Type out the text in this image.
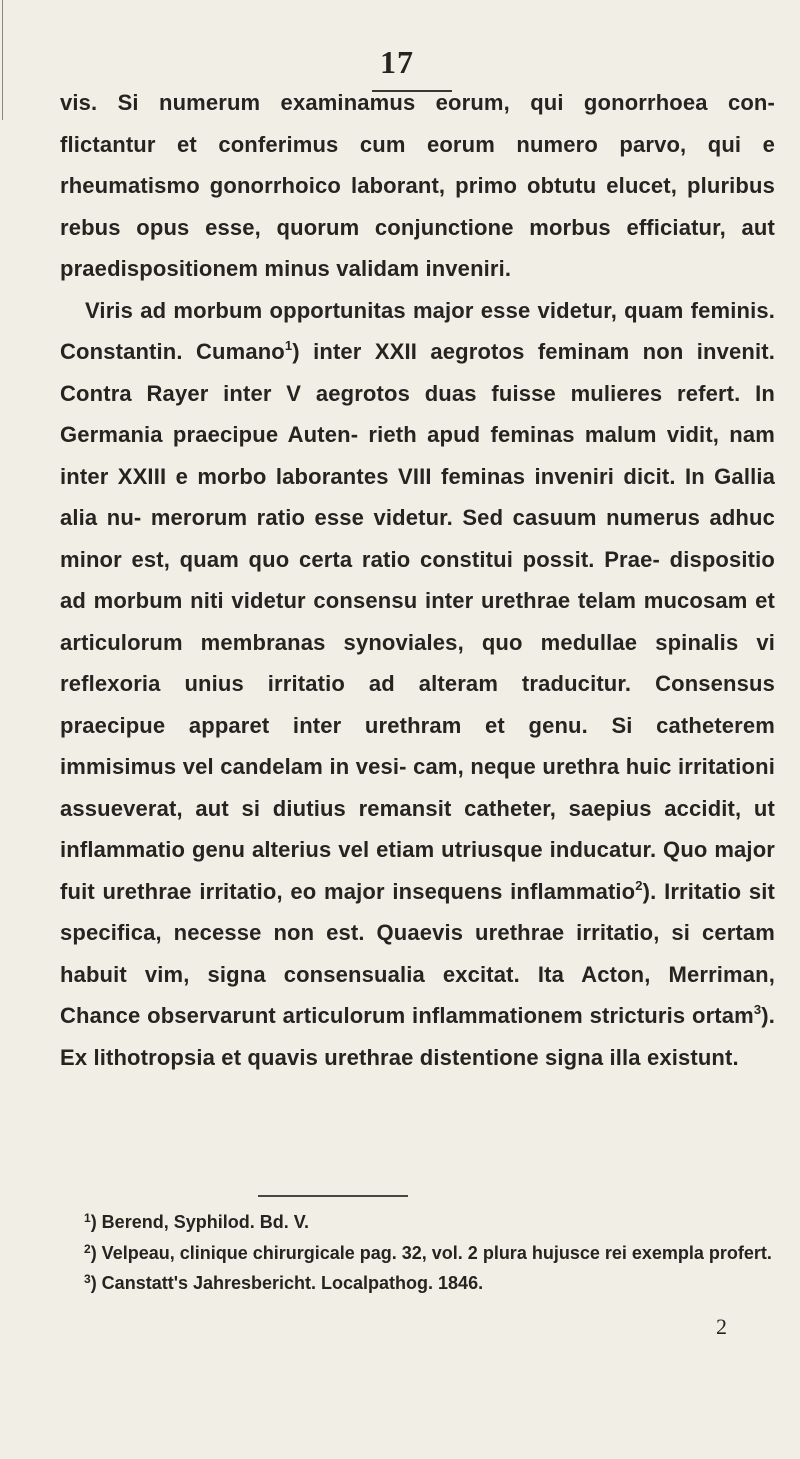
17

vis. Si numerum examinamus eorum, qui gonorrhoea con- flictantur et conferimus cum eorum numero parvo, qui e rheumatismo gonorrhoico laborant, primo obtutu elucet, pluribus rebus opus esse, quorum conjunctione morbus efficiatur, aut praedispositionem minus validam inveniri.

Viris ad morbum opportunitas major esse videtur, quam feminis. Constantin. Cumano$^1$) inter XXII aegrotos feminam non invenit. Contra Rayer inter V aegrotos duas fuisse mulieres refert. In Germania praecipue Auten- rieth apud feminas malum vidit, nam inter XXIII e morbo laborantes VIII feminas inveniri dicit. In Gallia alia nu- merorum ratio esse videtur. Sed casuum numerus adhuc minor est, quam quo certa ratio constitui possit. Prae- dispositio ad morbum niti videtur consensu inter urethrae telam mucosam et articulorum membranas synoviales, quo medullae spinalis vi reflexoria unius irritatio ad alteram traducitur. Consensus praecipue apparet inter urethram et genu. Si catheterem immisimus vel candelam in vesi- cam, neque urethra huic irritationi assueverat, aut si diutius remansit catheter, saepius accidit, ut inflammatio genu alterius vel etiam utriusque inducatur. Quo major fuit urethrae irritatio, eo major insequens inflammatio$^2$). Irritatio sit specifica, necesse non est. Quaevis urethrae irritatio, si certam habuit vim, signa consensualia excitat. Ita Acton, Merriman, Chance observarunt articulorum inflammationem stricturis ortam$^3$). Ex lithotropsia et quavis urethrae distentione signa illa existunt.

$^1$) Berend, Syphilod. Bd. V.

$^2$) Velpeau, clinique chirurgicale pag. 32, vol. 2 plura hujusce rei exempla profert.

$^3$) Canstatt's Jahresbericht. Localpathog. 1846.

2
